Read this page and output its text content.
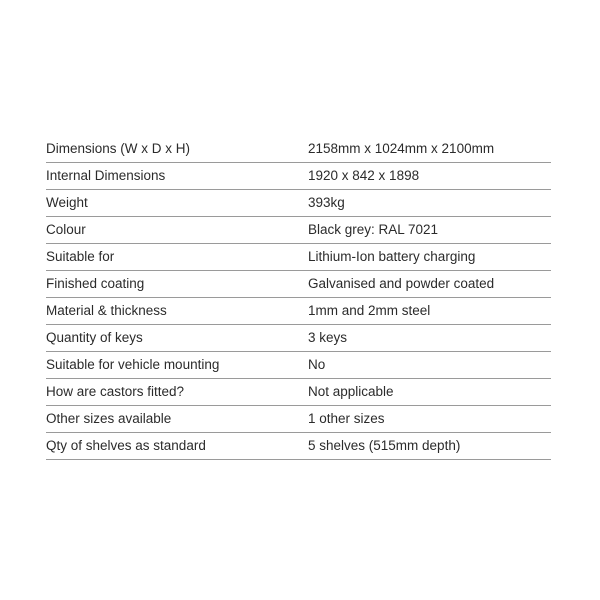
Dimensions (W x D x H)	2158mm x 1024mm x 2100mm
Internal Dimensions	1920 x 842 x 1898
Weight	393kg
Colour	Black grey: RAL 7021
Suitable for	Lithium-Ion battery charging
Finished coating	Galvanised and powder coated
Material & thickness	1mm and 2mm steel
Quantity of keys	3 keys
Suitable for vehicle mounting	No
How are castors fitted?	Not applicable
Other sizes available	1 other sizes
Qty of shelves as standard	5 shelves (515mm depth)
